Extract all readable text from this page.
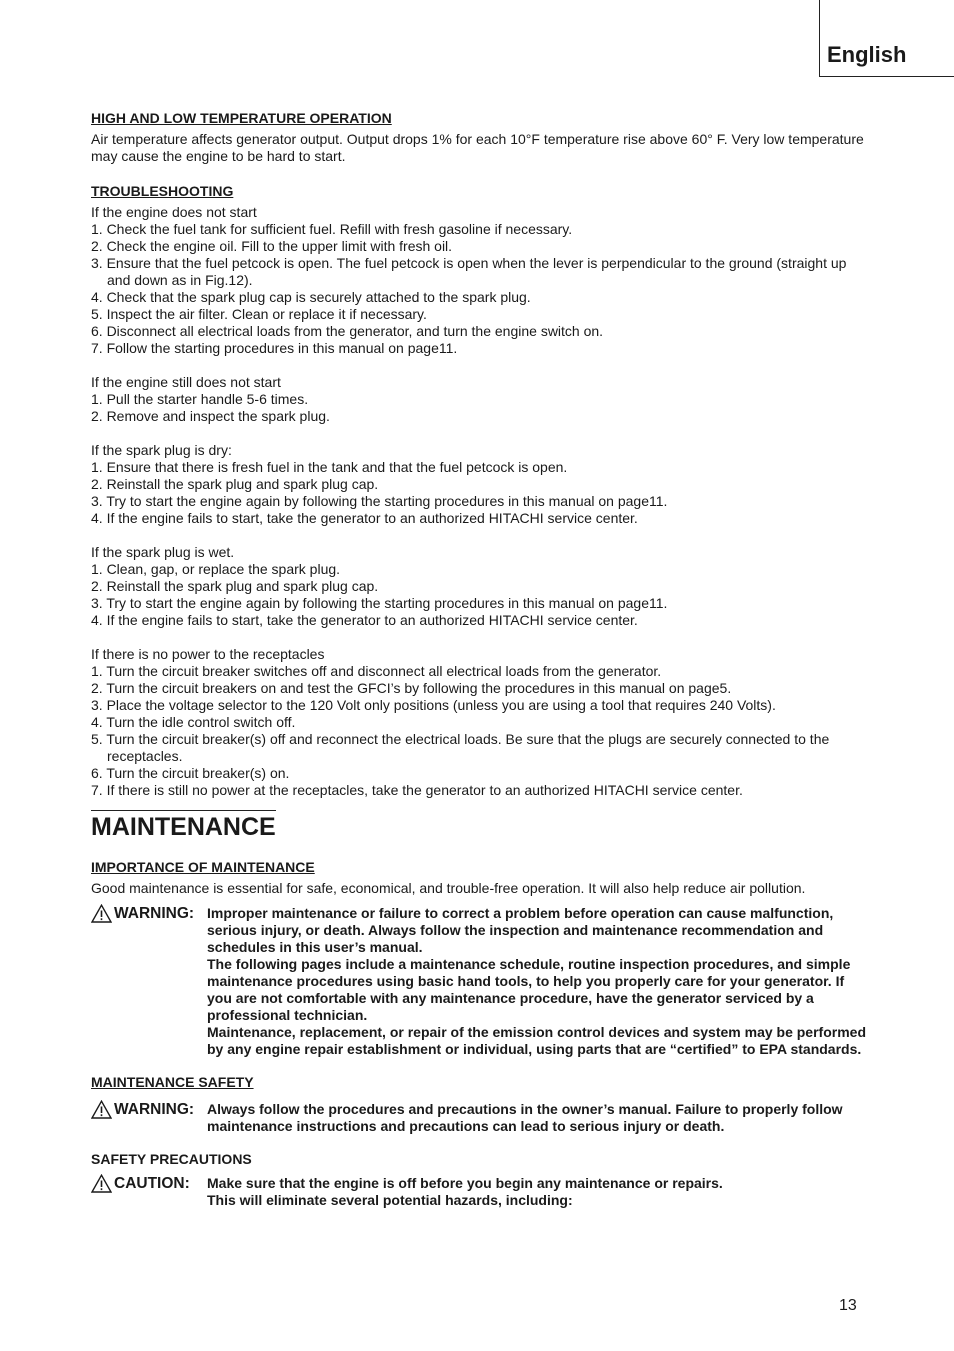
English
HIGH AND LOW TEMPERATURE OPERATION

Air temperature affects generator output. Output drops 1% for each 10°F temperature rise above 60° F. Very low temperature may cause the engine to be hard to start.

TROUBLESHOOTING

If the engine does not start

1. Check the fuel tank for sufficient fuel. Refill with fresh gasoline if necessary.
2. Check the engine oil. Fill to the upper limit with fresh oil.
3. Ensure that the fuel petcock is open. The fuel petcock is open when the lever is perpendicular to the ground (straight up and down as in Fig.12).
4. Check that the spark plug cap is securely attached to the spark plug.
5. Inspect the air filter. Clean or replace it if necessary.
6. Disconnect all electrical loads from the generator, and turn the engine switch on.
7. Follow the starting procedures in this manual on page11.

If the engine still does not start

1. Pull the starter handle 5-6 times.
2. Remove and inspect the spark plug.

If the spark plug is dry:

1. Ensure that there is fresh fuel in the tank and that the fuel petcock is open.
2. Reinstall the spark plug and spark plug cap.
3. Try to start the engine again by following the starting procedures in this manual on page11.
4. If the engine fails to start, take the generator to an authorized HITACHI service center.

If the spark plug is wet.

1. Clean, gap, or replace the spark plug.
2. Reinstall the spark plug and spark plug cap.
3. Try to start the engine again by following the starting procedures in this manual on page11.
4. If the engine fails to start, take the generator to an authorized HITACHI service center.

If there is no power to the receptacles

1. Turn the circuit breaker switches off and disconnect all electrical loads from the generator.
2. Turn the circuit breakers on and test the GFCI’s by following the procedures in this manual on page5.
3. Place the voltage selector to the 120 Volt only positions (unless you are using a tool that requires 240 Volts).
4. Turn the idle control switch off.
5. Turn the circuit breaker(s) off and reconnect the electrical loads. Be sure that the plugs are securely connected to the receptacles.
6. Turn the circuit breaker(s) on.
7. If there is still no power at the receptacles, take the generator to an authorized HITACHI service center.
MAINTENANCE
IMPORTANCE OF MAINTENANCE

Good maintenance is essential for safe, economical, and trouble-free operation. It will also help reduce air pollution.

WARNING: Improper maintenance or failure to correct a problem before operation can cause malfunction, serious injury, or death. Always follow the inspection and maintenance recommendation and schedules in this user’s manual.

The following pages include a maintenance schedule, routine inspection procedures, and simple maintenance procedures using basic hand tools, to help you properly care for your generator. If you are not comfortable with any maintenance procedure, have the generator serviced by a professional technician.

Maintenance, replacement, or repair of the emission control devices and system may be performed by any engine repair establishment or individual, using parts that are “certified” to EPA standards.

MAINTENANCE SAFETY
WARNING: Always follow the procedures and precautions in the owner’s manual. Failure to properly follow maintenance instructions and precautions can lead to serious injury or death.
SAFETY PRECAUTIONS
CAUTION: Make sure that the engine is off before you begin any maintenance or repairs.

This will eliminate several potential hazards, including:

13
